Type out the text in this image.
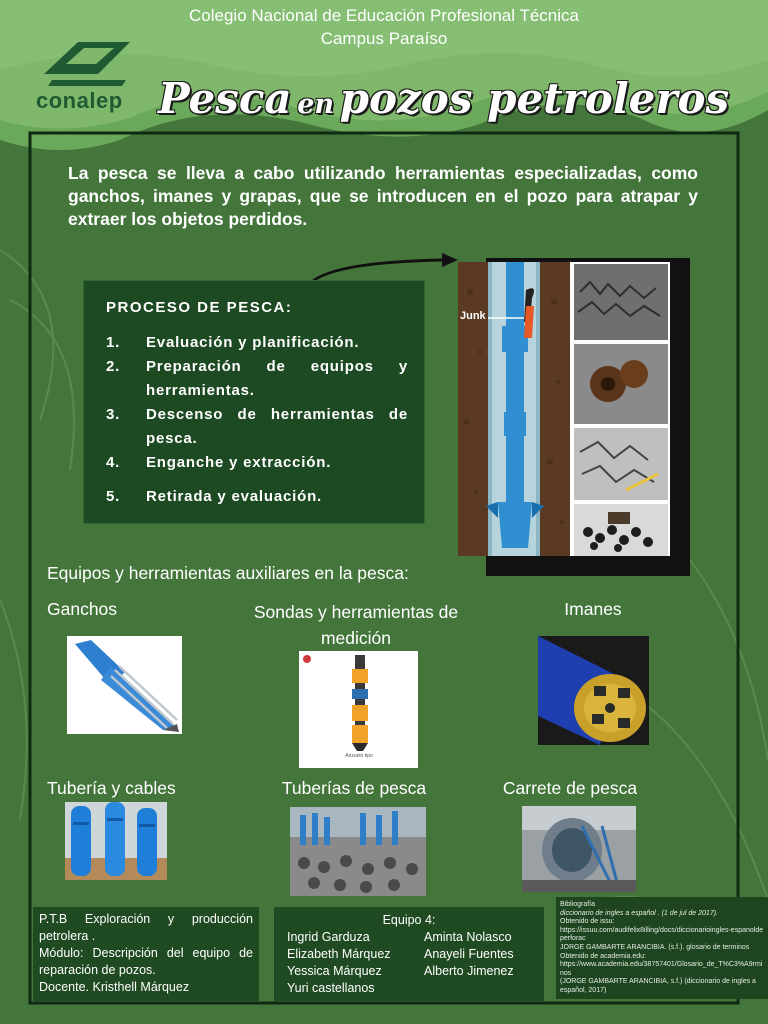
Colegio Nacional de Educación Profesional Técnica
Campus Paraíso
conalep Pesca en pozos petroleros
La pesca se lleva a cabo utilizando herramientas especializadas, como ganchos, imanes y grapas, que se introducen en el pozo para atrapar y extraer los objetos perdidos.
PROCESO DE PESCA:
1. Evaluación y planificación.
2. Preparación de equipos y herramientas.
3. Descenso de herramientas de pesca.
4. Enganche y extracción.
5. Retirada y evaluación.
Junk
Equipos y herramientas auxiliares en la pesca:
Ganchos	Sondas y herramientas de medición
Imanes
Anzuelo tipo
Tubería y cables	Tuberías de pesca	Carrete de pesca
P.T.B Exploración y producción petrolera .
Módulo: Descripción del equipo de reparación de pozos.
Docente. Kristhell Márquez
Equipo 4:
Ingrid Garduza	Aminta Nolasco
Elizabeth Márquez	Anayeli Fuentes
Yessica Márquez	Alberto Jimenez
Yuri castellanos
Bibliografía
diccionario de ingles a español . (1 de jul de 2017).
Obtenido de issu:
https://issuu.com/audifelix8illing/docs/diccionarioingles-espanoldeperforac
JORGE GAMBARTE ARANCIBIA. (s.f.). glosario de terminos
Obtenido de academia.edu:
https://www.academia.edu/38757401/Glosario_de_T%C3%A9rminos
(JORGE GAMBARTE ARANCIBIA, s.f.) (diccionario de ingles a español, 2017)
